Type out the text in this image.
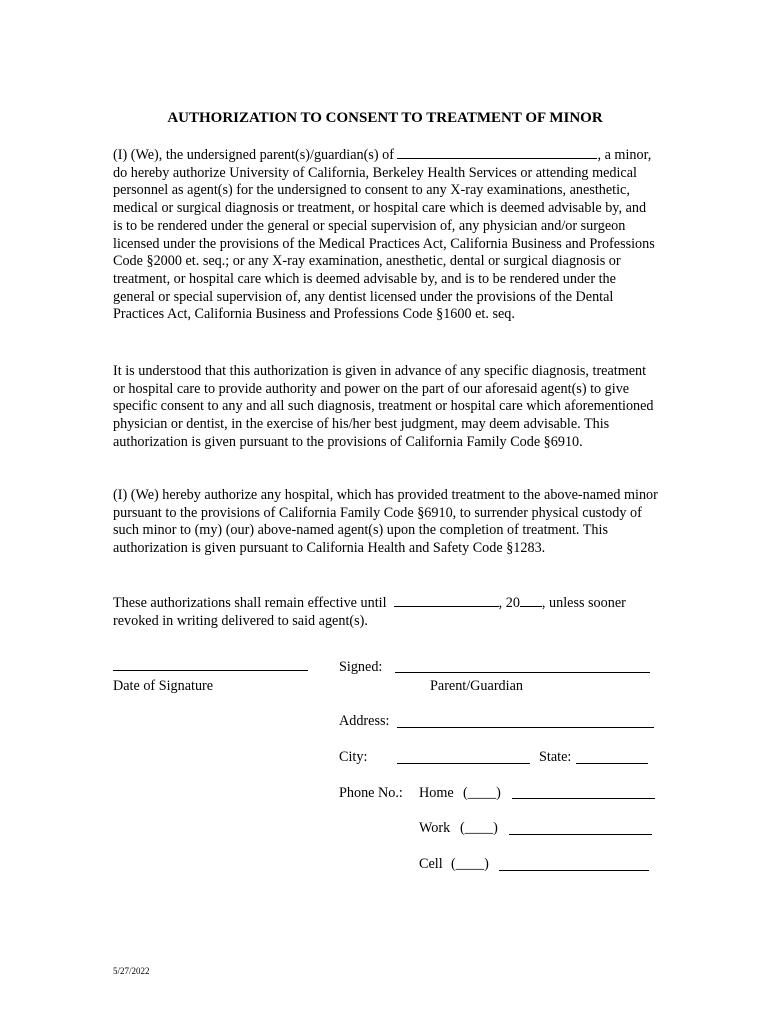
AUTHORIZATION TO CONSENT TO TREATMENT OF MINOR

(I) (We), the undersigned parent(s)/guardian(s) of	, a minor, do hereby authorize University of California, Berkeley Health Services or attending medical personnel as agent(s) for the undersigned to consent to any X-ray examinations, anesthetic, medical or surgical diagnosis or treatment, or hospital care which is deemed advisable by, and is to be rendered under the general or special supervision of, any physician and/or surgeon licensed under the provisions of the Medical Practices Act, California Business and Professions Code §2000 et. seq.; or any X-ray examination, anesthetic, dental or surgical diagnosis or treatment, or hospital care which is deemed advisable by, and is to be rendered under the general or special supervision of, any dentist licensed under the provisions of the Dental Practices Act, California Business and Professions Code §1600 et. seq.

It is understood that this authorization is given in advance of any specific diagnosis, treatment or hospital care to provide authority and power on the part of our aforesaid agent(s) to give specific consent to any and all such diagnosis, treatment or hospital care which aforementioned physician or dentist, in the exercise of his/her best judgment, may deem advisable. This authorization is given pursuant to the provisions of California Family Code §6910.

(I) (We) hereby authorize any hospital, which has provided treatment to the above-named minor pursuant to the provisions of California Family Code §6910, to surrender physical custody of such minor to (my) (our) above-named agent(s) upon the completion of treatment. This authorization is given pursuant to California Health and Safety Code §1283.

These authorizations shall remain effective until	, 20 , unless sooner revoked in writing delivered to said agent(s).

Date of Signature
Signed:
Parent/Guardian
Address:
City:	State:
Phone No.: Home (____)
Work (____)
Cell (____)
5/27/2022
